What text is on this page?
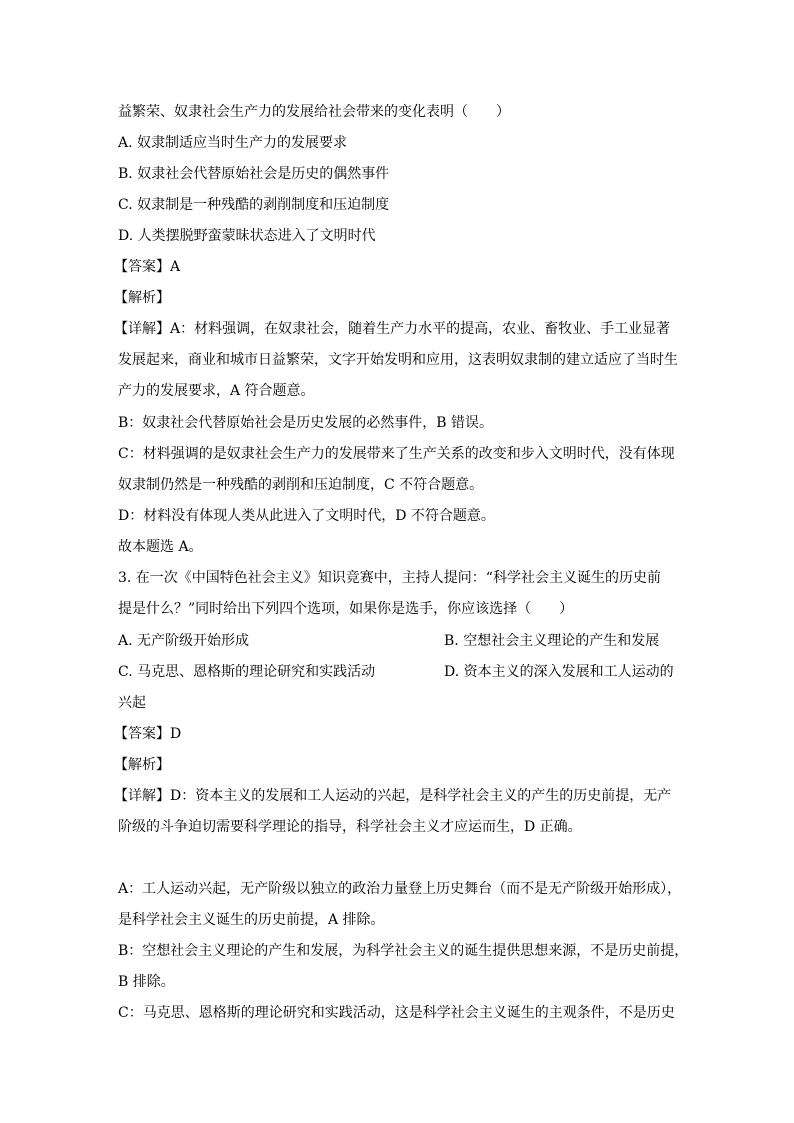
益繁荣、奴隶社会生产力的发展给社会带来的变化表明（　　）
A. 奴隶制适应当时生产力的发展要求
B. 奴隶社会代替原始社会是历史的偶然事件
C. 奴隶制是一种残酷的剥削制度和压迫制度
D. 人类摆脱野蛮蒙昧状态进入了文明时代
【答案】A
【解析】
【详解】A：材料强调，在奴隶社会，随着生产力水平的提高，农业、畜牧业、手工业显著
发展起来，商业和城市日益繁荣，文字开始发明和应用，这表明奴隶制的建立适应了当时生
产力的发展要求，A 符合题意。
B：奴隶社会代替原始社会是历史发展的必然事件，B 错误。
C：材料强调的是奴隶社会生产力的发展带来了生产关系的改变和步入文明时代，没有体现
奴隶制仍然是一种残酷的剥削和压迫制度，C 不符合题意。
D：材料没有体现人类从此进入了文明时代，D 不符合题意。
故本题选 A。
3. 在一次《中国特色社会主义》知识竞赛中，主持人提问：“科学社会主义诞生的历史前
提是什么？”同时给出下列四个选项，如果你是选手，你应该选择（　　）
A. 无产阶级开始形成	B. 空想社会主义理论的产生和发展
C. 马克思、恩格斯的理论研究和实践活动	D. 资本主义的深入发展和工人运动的
兴起
【答案】D
【解析】
【详解】D：资本主义的发展和工人运动的兴起，是科学社会主义的产生的历史前提，无产
阶级的斗争迫切需要科学理论的指导，科学社会主义才应运而生，D 正确。
A：工人运动兴起，无产阶级以独立的政治力量登上历史舞台（而不是无产阶级开始形成），
是科学社会主义诞生的历史前提，A 排除。
B：空想社会主义理论的产生和发展，为科学社会主义的诞生提供思想来源，不是历史前提，
B 排除。
C：马克思、恩格斯的理论研究和实践活动，这是科学社会主义诞生的主观条件，不是历史
